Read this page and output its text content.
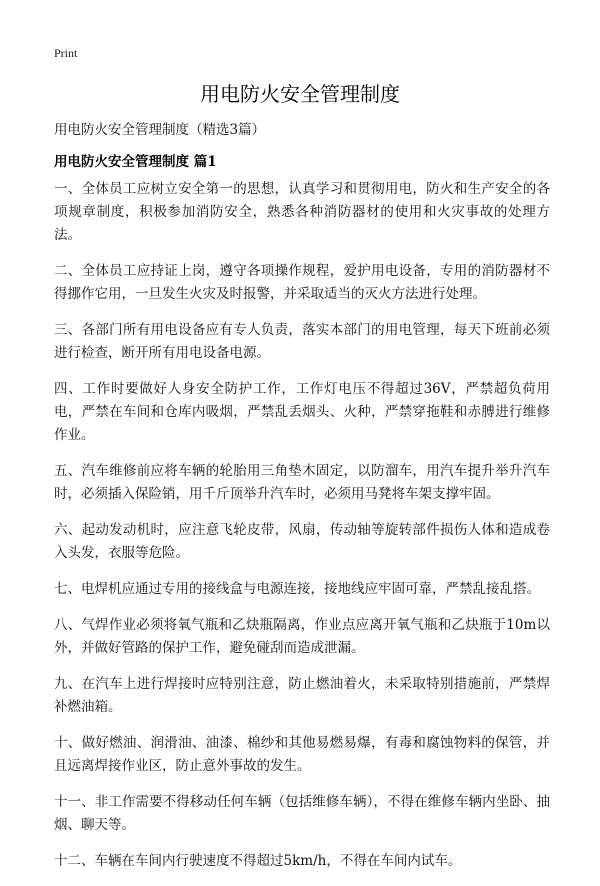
Print
用电防火安全管理制度
用电防火安全管理制度（精选3篇）
用电防火安全管理制度 篇1

一、全体员工应树立安全第一的思想，认真学习和贯彻用电，防火和生产安全的各项规章制度，积极参加消防安全，熟悉各种消防器材的使用和火灾事故的处理方法。

二、全体员工应持证上岗，遵守各项操作规程，爱护用电设备，专用的消防器材不得挪作它用，一旦发生火灾及时报警，并采取适当的灭火方法进行处理。

三、各部门所有用电设备应有专人负责，落实本部门的用电管理，每天下班前必须进行检查，断开所有用电设备电源。

四、工作时要做好人身安全防护工作，工作灯电压不得超过36V，严禁超负荷用电，严禁在车间和仓库内吸烟，严禁乱丢烟头、火种，严禁穿拖鞋和赤膊进行维修作业。

五、汽车维修前应将车辆的轮胎用三角垫木固定，以防溜车，用汽车提升举升汽车时，必须插入保险销，用千斤顶举升汽车时，必须用马凳将车架支撑牢固。

六、起动发动机时，应注意飞轮皮带，风扇，传动轴等旋转部件损伤人体和造成卷入头发，衣服等危险。

七、电焊机应通过专用的接线盒与电源连接，接地线应牢固可靠，严禁乱接乱搭。

八、气焊作业必须将氧气瓶和乙炔瓶隔离，作业点应离开氧气瓶和乙炔瓶于10m以外，并做好管路的保护工作，避免碰刮而造成泄漏。

九、在汽车上进行焊接时应特别注意，防止燃油着火，未采取特别措施前，严禁焊补燃油箱。

十、做好燃油、润滑油、油漆、棉纱和其他易燃易爆，有毒和腐蚀物料的保管，并且远离焊接作业区，防止意外事故的发生。

十一、非工作需要不得移动任何车辆（包括维修车辆），不得在维修车辆内坐卧、抽烟、聊天等。

十二、车辆在车间内行驶速度不得超过5km/h，不得在车间内试车。
